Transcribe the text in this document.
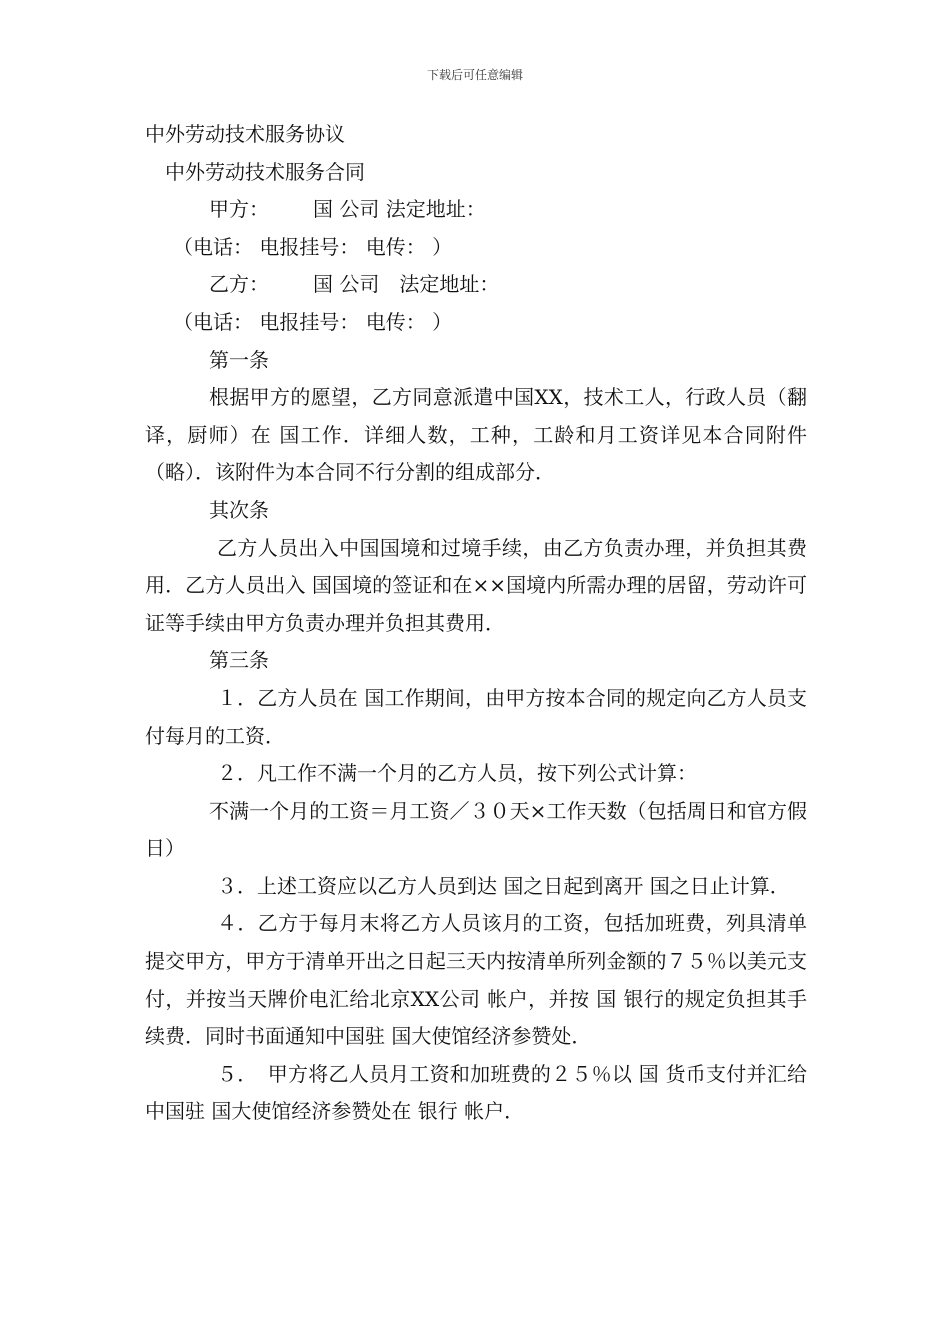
下载后可任意编辑
中外劳动技术服务协议
中外劳动技术服务合同
甲方： 国 公司 法定地址：
（电话： 电报挂号： 电传： ）
乙方： 国 公司　法定地址：
（电话： 电报挂号： 电传： ）
第一条
根据甲方的愿望，乙方同意派遣中国XX，技术工人，行政人员（翻译，厨师）在 国工作．详细人数，工种，工龄和月工资详见本合同附件（略）．该附件为本合同不行分割的组成部分．
其次条
乙方人员出入中国国境和过境手续，由乙方负责办理，并负担其费用．乙方人员出入 国国境的签证和在××国境内所需办理的居留，劳动许可证等手续由甲方负责办理并负担其费用．
第三条
１．乙方人员在 国工作期间，由甲方按本合同的规定向乙方人员支付每月的工资．
２．凡工作不满一个月的乙方人员，按下列公式计算：
不满一个月的工资＝月工资／３０天×工作天数（包括周日和官方假日）
３．上述工资应以乙方人员到达 国之日起到离开 国之日止计算．
４．乙方于每月末将乙方人员该月的工资，包括加班费，列具清单提交甲方，甲方于清单开出之日起三天内按清单所列金额的７５％以美元支付，并按当天牌价电汇给北京XX公司 帐户，并按 国 银行的规定负担其手续费．同时书面通知中国驻 国大使馆经济参赞处．
５．　甲方将乙人员月工资和加班费的２５％以 国 货币支付并汇给中国驻 国大使馆经济参赞处在 银行 帐户．
